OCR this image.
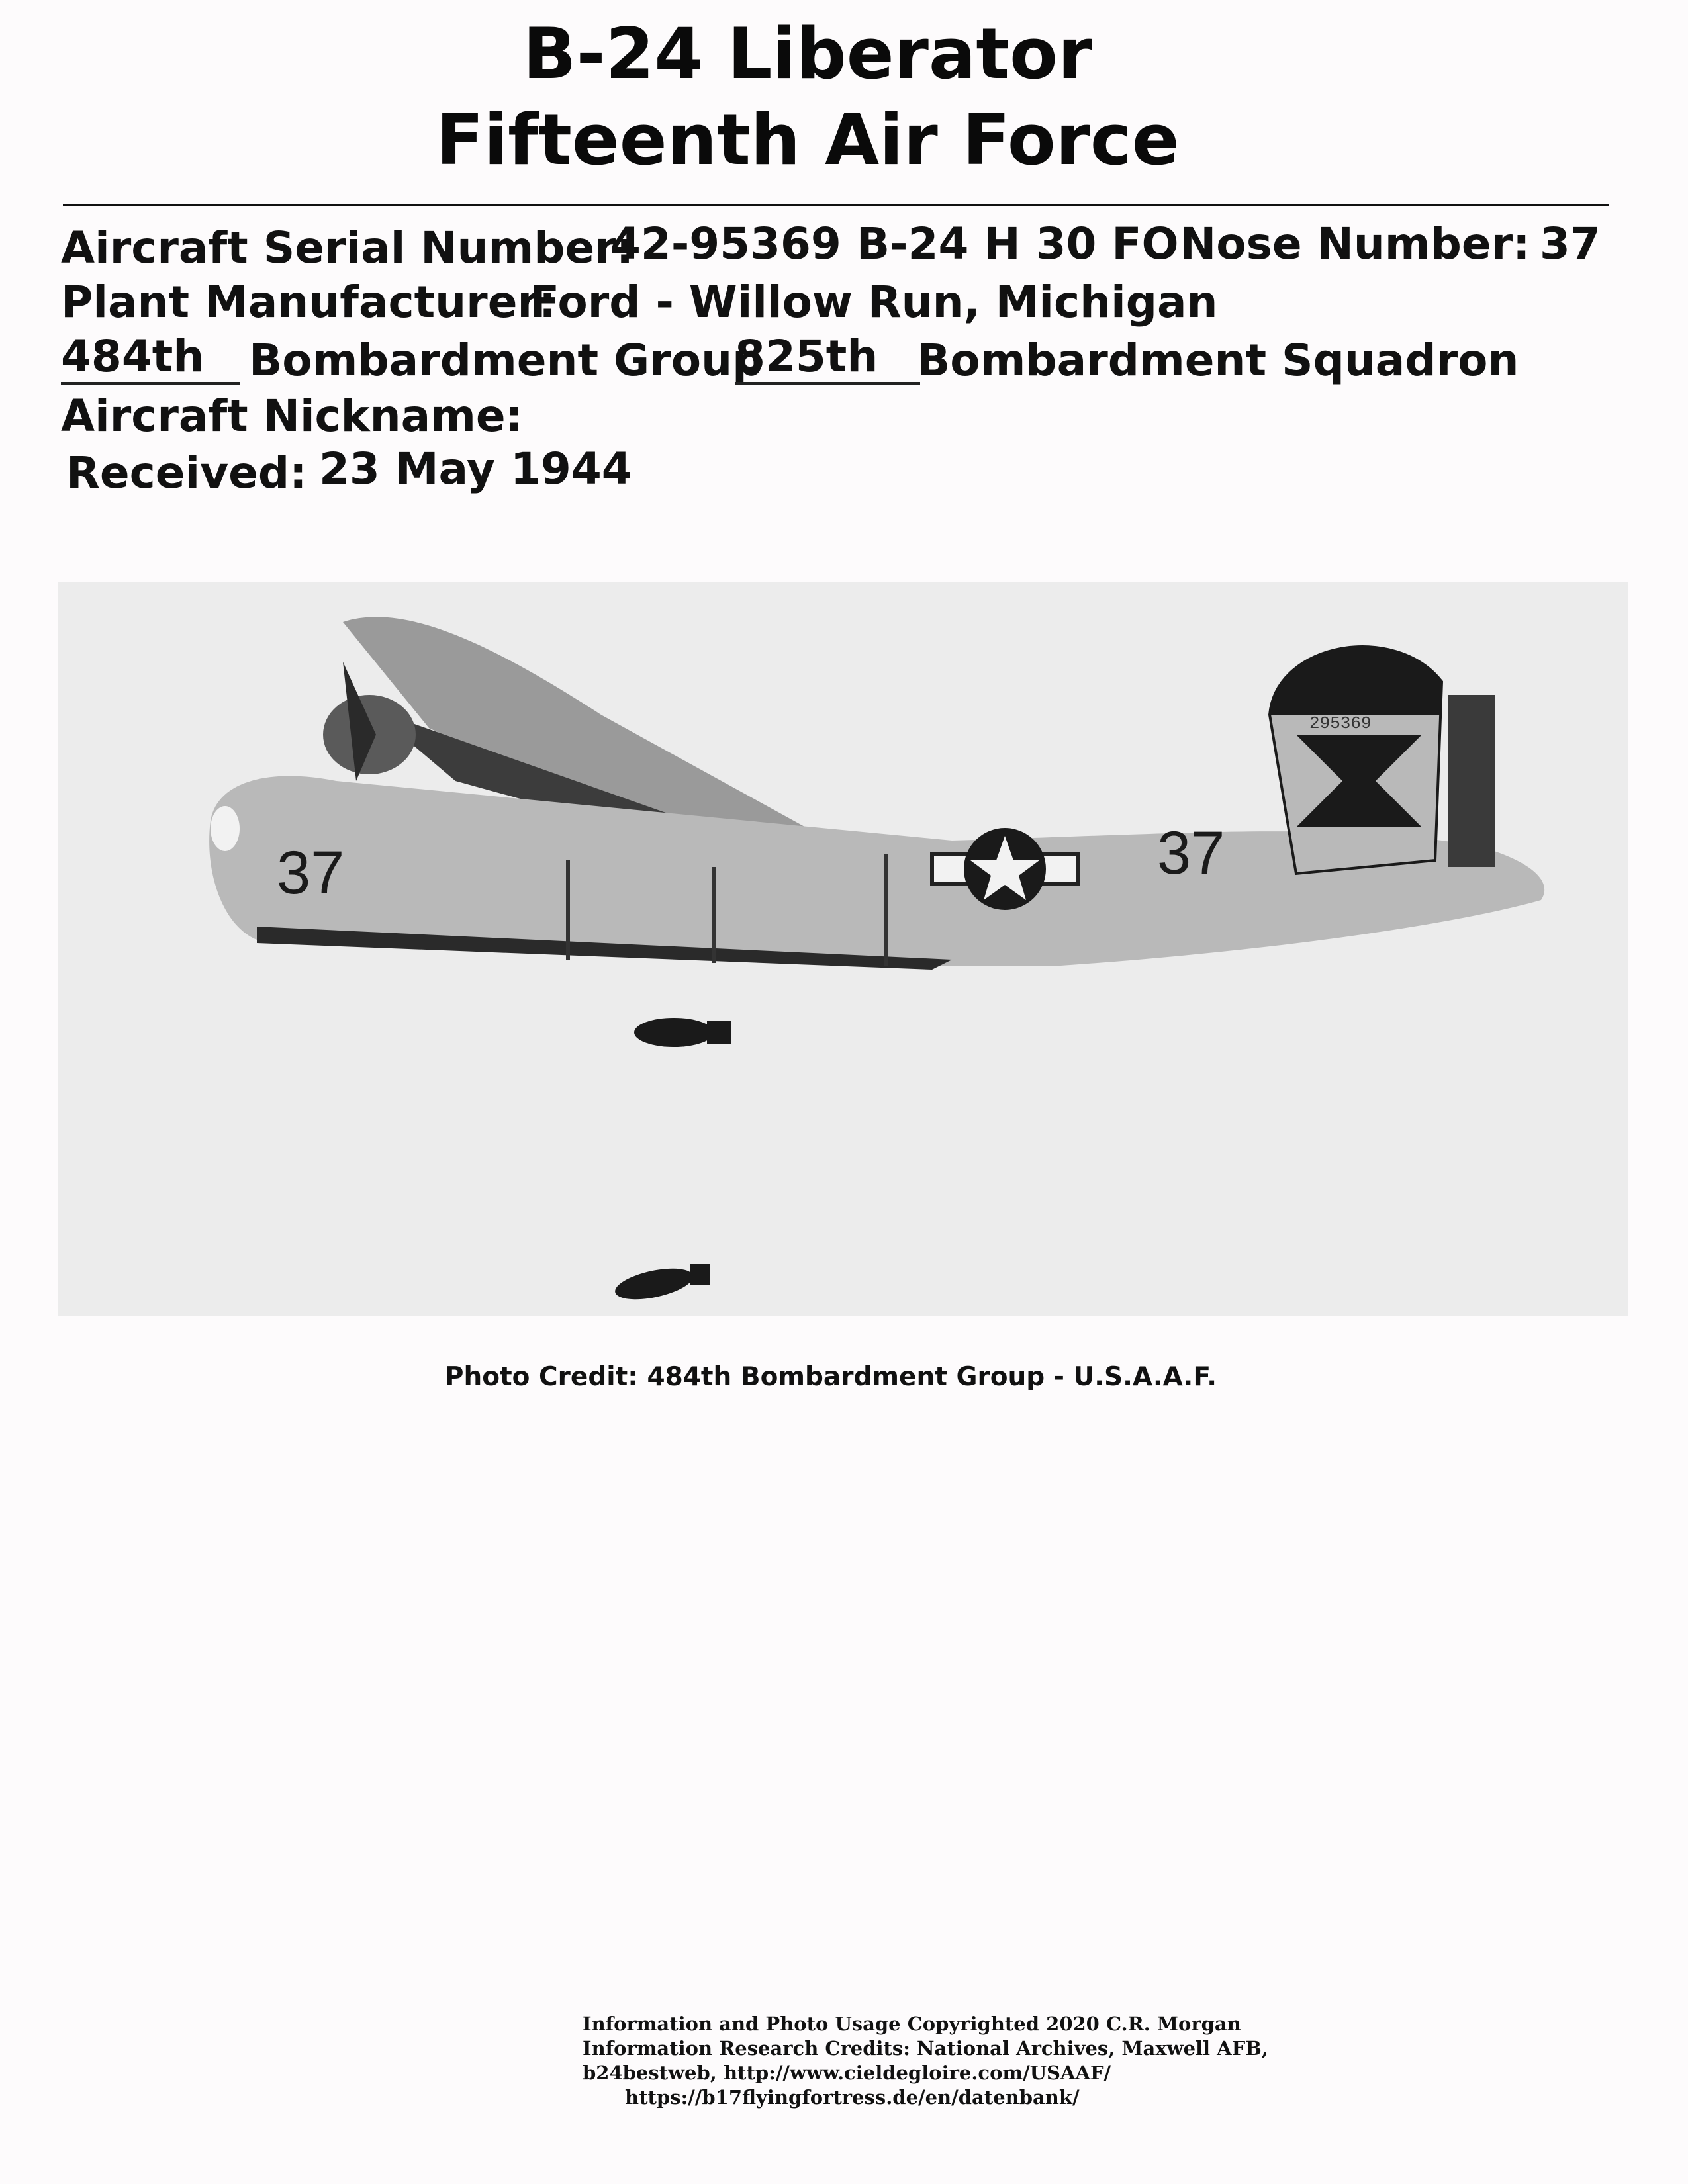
B-24 Liberator
Fifteenth Air Force
Aircraft Serial Number:
42-95369 B-24 H 30 FO Nose Number: 37
Plant Manufacturer:
Ford - Willow Run, Michigan
484th	Bombardment Group
825th Bombardment Squadron
Aircraft Nickname:
Received: 23 May 1944
37	37
295369
Photo Credit: 484th Bombardment Group - U.S.A.A.F.
Information and Photo Usage Copyrighted 2020 C.R. Morgan
Information Research Credits: National Archives, Maxwell AFB,
b24bestweb, http://www.cieldegloire.com/USAAF/
https://b17flyingfortress.de/en/datenbank/
